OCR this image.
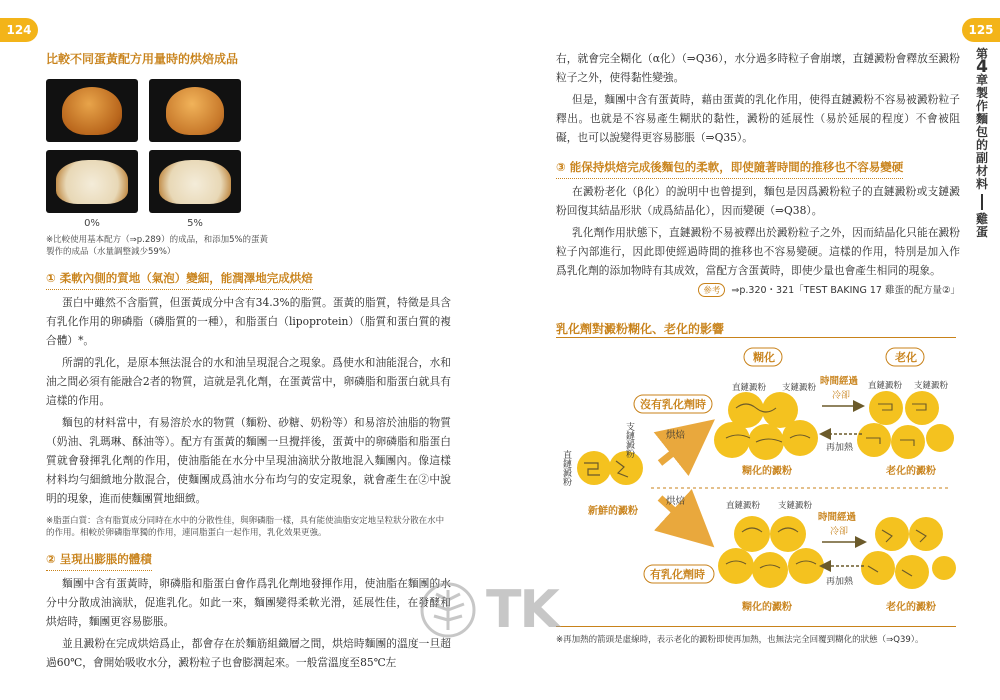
124	125
第
4
章
製
作
麵
包
的
副
材
料
雞
蛋
比較不同蛋黃配方用量時的烘焙成品
0%	5%
※比較使用基本配方（⇒p.289）的成品，和添加5%的蛋黃製作的成品（水量調整減少59%）
① 柔軟內側的質地（氣泡）變細，能潤澤地完成烘焙

蛋白中雖然不含脂質，但蛋黃成分中含有34.3%的脂質。蛋黃的脂質，特徵是具含有乳化作用的卵磷脂（磷脂質的一種），和脂蛋白（lipoprotein）（脂質和蛋白質的複合體）*。

所謂的乳化，是原本無法混合的水和油呈現混合之現象。爲使水和油能混合，水和油之間必須有能融合2者的物質，這就是乳化劑，在蛋黃當中，卵磷脂和脂蛋白就具有這樣的作用。

麵包的材料當中，有易溶於水的物質（麵粉、砂糖、奶粉等）和易溶於油脂的物質（奶油、乳瑪琳、酥油等）。配方有蛋黃的麵團一旦攪拌後，蛋黃中的卵磷脂和脂蛋白質就會發揮乳化劑的作用，使油脂能在水分中呈現油滴狀分散地混入麵團內。像這樣材料均勻細緻地分散混合，使麵團成爲油水分布均勻的安定現象，就會產生在②中說明的現象，進而使麵團質地細緻。

※脂蛋白質：含有脂質成分同時在水中的分散性佳，與卵磷脂一樣，具有能使油脂安定地呈粒狀分散在水中的作用。相較於卵磷脂單獨的作用，連同脂蛋白一起作用，乳化效果更強。

② 呈現出膨脹的體積

麵團中含有蛋黃時，卵磷脂和脂蛋白會作爲乳化劑地發揮作用，使油脂在麵團的水分中分散成油滴狀，促進乳化。如此一來，麵團變得柔軟光滑，延展性佳，在發酵和烘焙時，麵團更容易膨脹。

並且澱粉在完成烘焙爲止，都會存在於麵筋組織層之間，烘焙時麵團的溫度一旦超過60℃，會開始吸收水分，澱粉粒子也會膨潤起來。一般當溫度至85℃左

右，就會完全糊化（α化）（⇒Q36），水分過多時粒子會崩壞，直鏈澱粉會釋放至澱粉粒子之外，使得黏性變強。

但是，麵團中含有蛋黃時，藉由蛋黃的乳化作用，使得直鏈澱粉不容易被澱粉粒子釋出。也就是不容易產生糊狀的黏性，澱粉的延展性（易於延展的程度）不會被阻礙，也可以說變得更容易膨脹（⇒Q35）。

③ 能保持烘焙完成後麵包的柔軟，即使隨著時間的推移也不容易變硬

在澱粉老化（β化）的說明中也曾提到，麵包是因爲澱粉粒子的直鏈澱粉或支鏈澱粉回復其結晶形狀（成爲結晶化），因而變硬（⇒Q38）。

乳化劑作用狀態下，直鏈澱粉不易被釋出於澱粉粒子之外，因而結晶化只能在澱粉粒子內部進行，因此即使經過時間的推移也不容易變硬。這樣的作用，特別是加入作爲乳化劑的添加物時有其成效，當配方含蛋黃時，即使少量也會產生相同的現象。

參考 ⇒p.320・321「TEST BAKING 17 雞蛋的配方量②」
乳化劑對澱粉糊化、老化的影響
直鏈澱粉
支鏈澱粉
新鮮的澱粉
烘焙
烘焙
沒有乳化劑時
有乳化劑時
糊化	老化
直鏈澱粉 支鏈澱粉	直鏈澱粉 支鏈澱粉
糊化的澱粉	老化的澱粉
時間經過
冷卻
再加熱
直鏈澱粉 支鏈澱粉
糊化的澱粉	老化的澱粉
時間經過
冷卻
再加熱
※再加熱的箭頭是虛線時，表示老化的澱粉即使再加熱，也無法完全回覆到糊化的狀態（⇒Q39）。
TK
